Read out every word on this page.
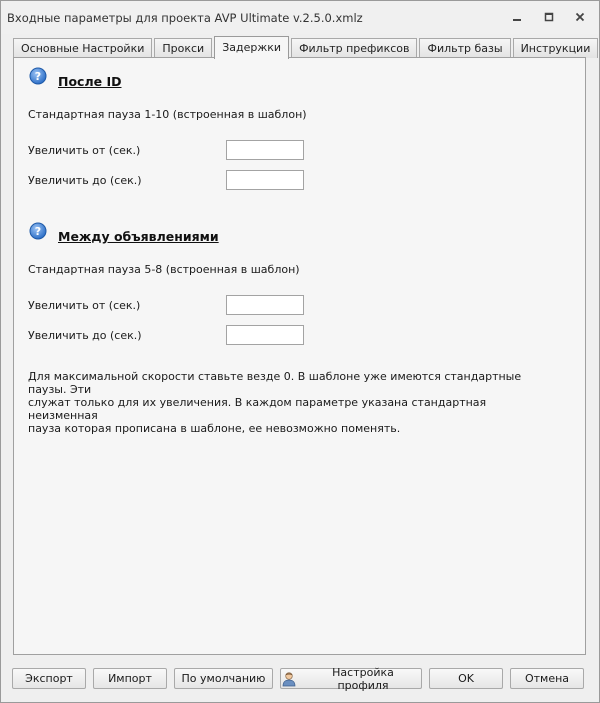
Входные параметры для проекта AVP Ultimate v.2.5.0.xmlz
Основные Настройки	Прокси	Задержки	Фильтр префиксов	Фильтр базы	Инструкции
? После ID
Стандартная пауза 1-10 (встроенная в шаблон)
Увеличить от (сек.)
Увеличить до (сек.)
? Между объявлениями
Стандартная пауза 5-8 (встроенная в шаблон)
Увеличить от (сек.)
Увеличить до (сек.)
Для максимальной скорости ставьте везде 0. В шаблоне уже имеются стандартные паузы. Эти
служат только для их увеличения. В каждом параметре указана стандартная неизменная
пауза которая прописана в шаблоне, ее невозможно поменять.
Экспорт	Импорт	По умолчанию	Настройка профиля	OK	Отмена
